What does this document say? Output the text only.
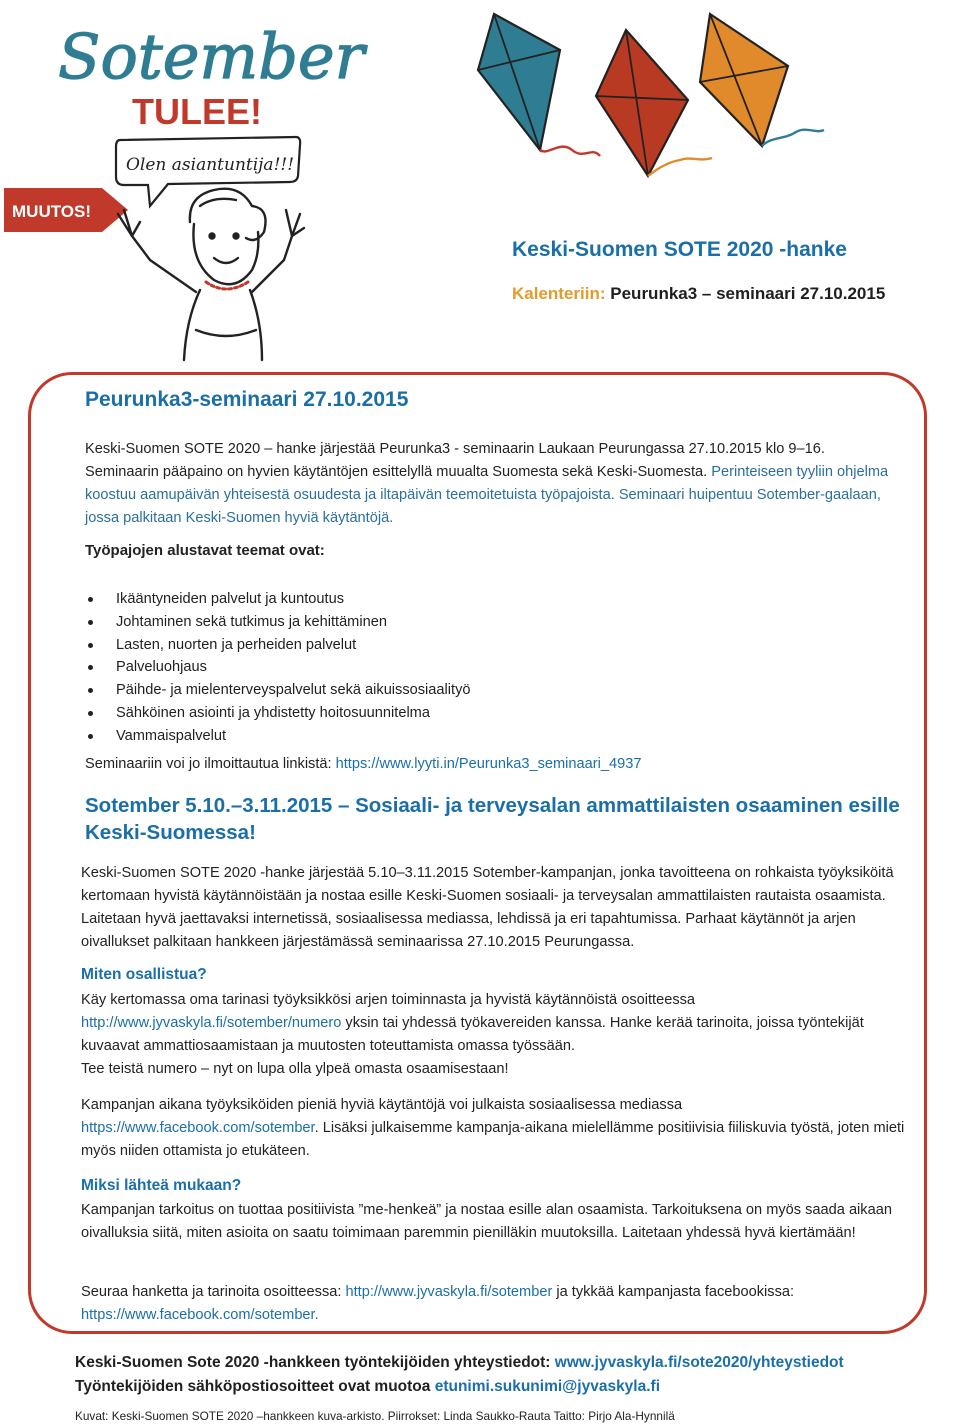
Sotember
TULEE!
Olen asiantuntija!!!
MUUTOS!
Keski-Suomen SOTE 2020 -hanke
Kalenteriin: Peurunka3 – seminaari 27.10.2015
Peurunka3-seminaari 27.10.2015
Keski-Suomen SOTE 2020 – hanke järjestää Peurunka3 - seminaarin Laukaan Peurungassa 27.10.2015 klo 9–16. Seminaarin pääpaino on hyvien käytäntöjen esittelyllä muualta Suomesta sekä Keski-Suomesta. Perinteiseen tyyliin ohjelma koostuu aamupäivän yhteisestä osuudesta ja iltapäivän teemoitetuista työpajoista. Seminaari huipentuu Sotember-gaalaan, jossa palkitaan Keski-Suomen hyviä käytäntöjä.
Työpajojen alustavat teemat ovat:
Ikääntyneiden palvelut ja kuntoutus
Johtaminen sekä tutkimus ja kehittäminen
Lasten, nuorten ja perheiden palvelut
Palveluohjaus
Päihde- ja mielenterveyspalvelut sekä aikuissosiaalityö
Sähköinen asiointi ja yhdistetty hoitosuunnitelma
Vammaispalvelut
Seminaariin voi jo ilmoittautua linkistä: https://www.lyyti.in/Peurunka3_seminaari_4937
Sotember 5.10.–3.11.2015 – Sosiaali- ja terveysalan ammattilaisten osaaminen esille Keski-Suomessa!
Keski-Suomen SOTE 2020 -hanke järjestää 5.10–3.11.2015 Sotember-kampanjan, jonka tavoitteena on rohkaista työyksiköitä kertomaan hyvistä käytännöistään ja nostaa esille Keski-Suomen sosiaali- ja terveysalan ammattilaisten rautaista osaamista. Laitetaan hyvä jaettavaksi internetissä, sosiaalisessa mediassa, lehdissä ja eri tapahtumissa. Parhaat käytännöt ja arjen oivallukset palkitaan hankkeen järjestämässä seminaarissa 27.10.2015 Peurungassa.
Miten osallistua?
Käy kertomassa oma tarinasi työyksikkösi arjen toiminnasta ja hyvistä käytännöistä osoitteessa http://www.jyvaskyla.fi/sotember/numero yksin tai yhdessä työkavereiden kanssa. Hanke kerää tarinoita, joissa työntekijät kuvaavat ammattiosaamistaan ja muutosten toteuttamista omassa työssään.
Tee teistä numero – nyt on lupa olla ylpeä omasta osaamisestaan!
Kampanjan aikana työyksiköiden pieniä hyviä käytäntöjä voi julkaista sosiaalisessa mediassa https://www.facebook.com/sotember. Lisäksi julkaisemme kampanja-aikana mielellämme positiivisia fiiliskuvia työstä, joten mieti myös niiden ottamista jo etukäteen.
Miksi lähteä mukaan?
Kampanjan tarkoitus on tuottaa positiivista ”me-henkeä” ja nostaa esille alan osaamista. Tarkoituksena on myös saada aikaan oivalluksia siitä, miten asioita on saatu toimimaan paremmin pienilläkin muutoksilla. Laitetaan yhdessä hyvä kiertämään!
Seuraa hanketta ja tarinoita osoitteessa: http://www.jyvaskyla.fi/sotember ja tykkää kampanjasta facebookissa:
https://www.facebook.com/sotember.
Keski-Suomen Sote 2020 -hankkeen työntekijöiden yhteystiedot: www.jyvaskyla.fi/sote2020/yhteystiedot
Työntekijöiden sähköpostiosoitteet ovat muotoa etunimi.sukunimi@jyvaskyla.fi
Kuvat: Keski-Suomen SOTE 2020 –hankkeen kuva-arkisto. Piirrokset: Linda Saukko-Rauta Taitto: Pirjo Ala-Hynnilä
